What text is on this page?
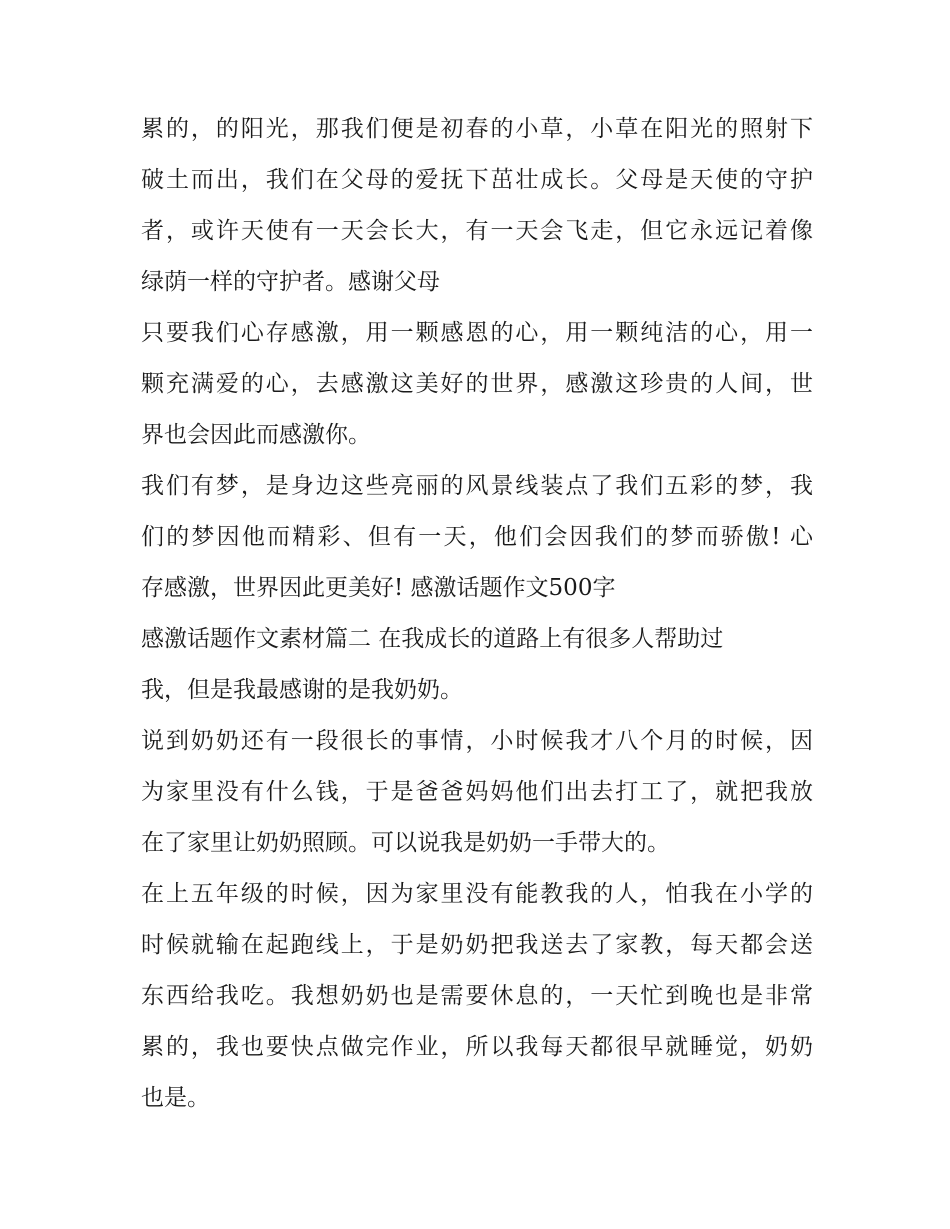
累的，的阳光，那我们便是初春的小草，小草在阳光的照射下
破土而出，我们在父母的爱抚下茁壮成长。父母是天使的守护
者，或许天使有一天会长大，有一天会飞走，但它永远记着像
绿荫一样的守护者。感谢父母
只要我们心存感激，用一颗感恩的心，用一颗纯洁的心，用一
颗充满爱的心，去感激这美好的世界，感激这珍贵的人间，世
界也会因此而感激你。
我们有梦，是身边这些亮丽的风景线装点了我们五彩的梦，我
们的梦因他而精彩、但有一天，他们会因我们的梦而骄傲! 心
存感激，世界因此更美好! 感激话题作文500字
感激话题作文素材篇二 在我成长的道路上有很多人帮助过
我，但是我最感谢的是我奶奶。
说到奶奶还有一段很长的事情，小时候我才八个月的时候，因
为家里没有什么钱，于是爸爸妈妈他们出去打工了，就把我放
在了家里让奶奶照顾。可以说我是奶奶一手带大的。
在上五年级的时候，因为家里没有能教我的人，怕我在小学的
时候就输在起跑线上，于是奶奶把我送去了家教，每天都会送
东西给我吃。我想奶奶也是需要休息的，一天忙到晚也是非常
累的，我也要快点做完作业，所以我每天都很早就睡觉，奶奶
也是。
